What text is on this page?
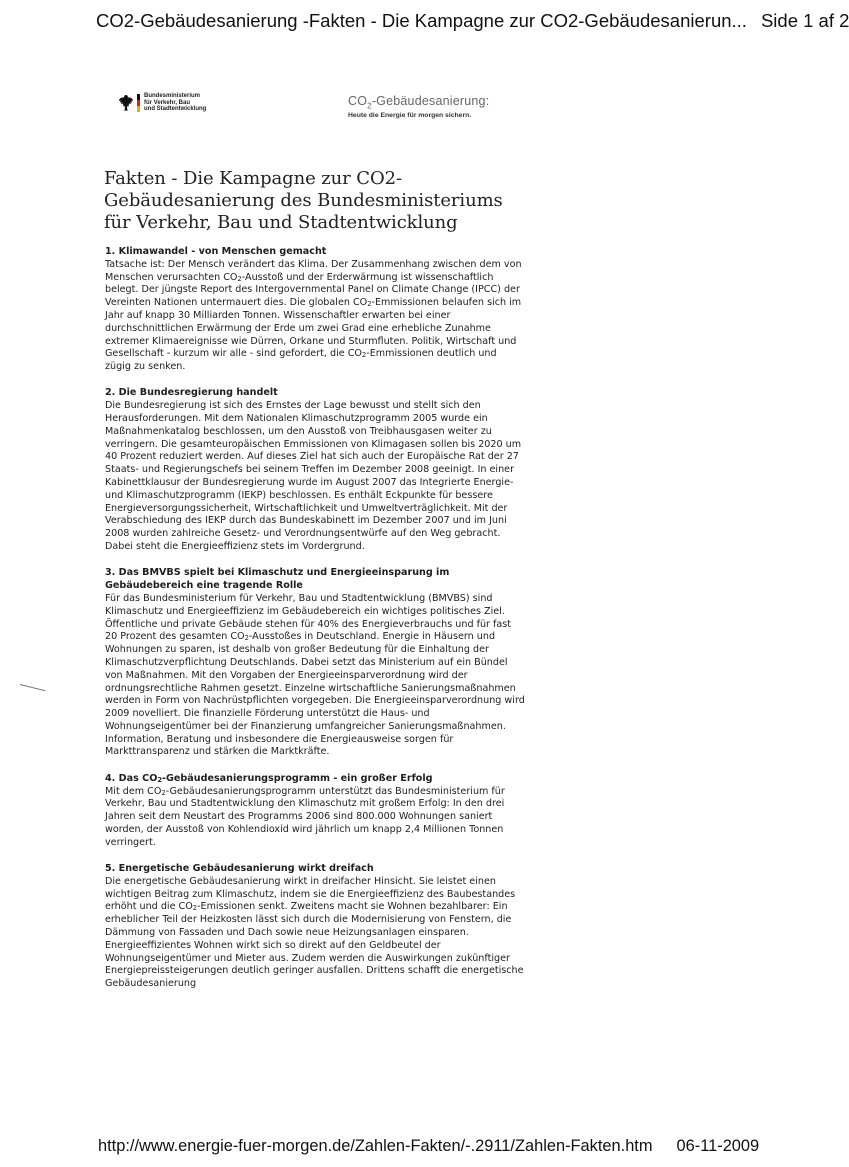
CO2-Gebäudesanierung -Fakten - Die Kampagne zur CO2-Gebäudesanierun... Side 1 af 2
Bundesministerium
für Verkehr, Bau
und Stadtentwicklung
$CO_2$-Gebäudesanierung:
Heute die Energie für morgen sichern.
Fakten - Die Kampagne zur CO2-Gebäudesanierung des Bundesministeriums für Verkehr, Bau und Stadtentwicklung
1. Klimawandel - von Menschen gemacht

Tatsache ist: Der Mensch verändert das Klima. Der Zusammenhang zwischen dem von Menschen verursachten $CO_2$-Ausstoß und der Erderwärmung ist wissenschaftlich belegt. Der jüngste Report des Intergovernmental Panel on Climate Change (IPCC) der Vereinten Nationen untermauert dies. Die globalen $CO_2$-Emmissionen belaufen sich im Jahr auf knapp 30 Milliarden Tonnen. Wissenschaftler erwarten bei einer durchschnittlichen Erwärmung der Erde um zwei Grad eine erhebliche Zunahme extremer Klimaereignisse wie Dürren, Orkane und Sturmfluten. Politik, Wirtschaft und Gesellschaft - kurzum wir alle - sind gefordert, die $CO_2$-Emmissionen deutlich und zügig zu senken.

2. Die Bundesregierung handelt

Die Bundesregierung ist sich des Ernstes der Lage bewusst und stellt sich den Herausforderungen. Mit dem Nationalen Klimaschutzprogramm 2005 wurde ein Maßnahmenkatalog beschlossen, um den Ausstoß von Treibhausgasen weiter zu verringern. Die gesamteuropäischen Emmissionen von Klimagasen sollen bis 2020 um 40 Prozent reduziert werden. Auf dieses Ziel hat sich auch der Europäische Rat der 27 Staats- und Regierungschefs bei seinem Treffen im Dezember 2008 geeinigt. In einer Kabinettklausur der Bundesregierung wurde im August 2007 das Integrierte Energie- und Klimaschutzprogramm (IEKP) beschlossen. Es enthält Eckpunkte für bessere Energieversorgungssicherheit, Wirtschaftlichkeit und Umweltverträglichkeit. Mit der Verabschiedung des IEKP durch das Bundeskabinett im Dezember 2007 und im Juni 2008 wurden zahlreiche Gesetz- und Verordnungsentwürfe auf den Weg gebracht. Dabei steht die Energieeffizienz stets im Vordergrund.

3. Das BMVBS spielt bei Klimaschutz und Energieeinsparung im Gebäudebereich eine tragende Rolle

Für das Bundesministerium für Verkehr, Bau und Stadtentwicklung (BMVBS) sind Klimaschutz und Energieeffizienz im Gebäudebereich ein wichtiges politisches Ziel. Öffentliche und private Gebäude stehen für 40% des Energieverbrauchs und für fast 20 Prozent des gesamten $CO_2$-Ausstoßes in Deutschland. Energie in Häusern und Wohnungen zu sparen, ist deshalb von großer Bedeutung für die Einhaltung der Klimaschutzverpflichtung Deutschlands. Dabei setzt das Ministerium auf ein Bündel von Maßnahmen. Mit den Vorgaben der Energieeinsparverordnung wird der ordnungsrechtliche Rahmen gesetzt. Einzelne wirtschaftliche Sanierungsmaßnahmen werden in Form von Nachrüstpflichten vorgegeben. Die Energieeinsparverordnung wird 2009 novelliert. Die finanzielle Förderung unterstützt die Haus- und Wohnungseigentümer bei der Finanzierung umfangreicher Sanierungsmaßnahmen. Information, Beratung und insbesondere die Energieausweise sorgen für Markttransparenz und stärken die Marktkräfte.

4. Das $CO_2$-Gebäudesanierungsprogramm - ein großer Erfolg

Mit dem $CO_2$-Gebäudesanierungsprogramm unterstützt das Bundesministerium für Verkehr, Bau und Stadtentwicklung den Klimaschutz mit großem Erfolg: In den drei Jahren seit dem Neustart des Programms 2006 sind 800.000 Wohnungen saniert worden, der Ausstoß von Kohlendioxid wird jährlich um knapp 2,4 Millionen Tonnen verringert.

5. Energetische Gebäudesanierung wirkt dreifach

Die energetische Gebäudesanierung wirkt in dreifacher Hinsicht. Sie leistet einen wichtigen Beitrag zum Klimaschutz, indem sie die Energieeffizienz des Baubestandes erhöht und die $CO_2$-Emissionen senkt. Zweitens macht sie Wohnen bezahlbarer: Ein erheblicher Teil der Heizkosten lässt sich durch die Modernisierung von Fenstern, die Dämmung von Fassaden und Dach sowie neue Heizungsanlagen einsparen. Energieeffizientes Wohnen wirkt sich so direkt auf den Geldbeutel der Wohnungseigentümer und Mieter aus. Zudem werden die Auswirkungen zukünftiger Energiepreissteigerungen deutlich geringer ausfallen. Drittens schafft die energetische Gebäudesanierung

http://www.energie-fuer-morgen.de/Zahlen-Fakten/-.2911/Zahlen-Fakten.htm 06-11-2009
